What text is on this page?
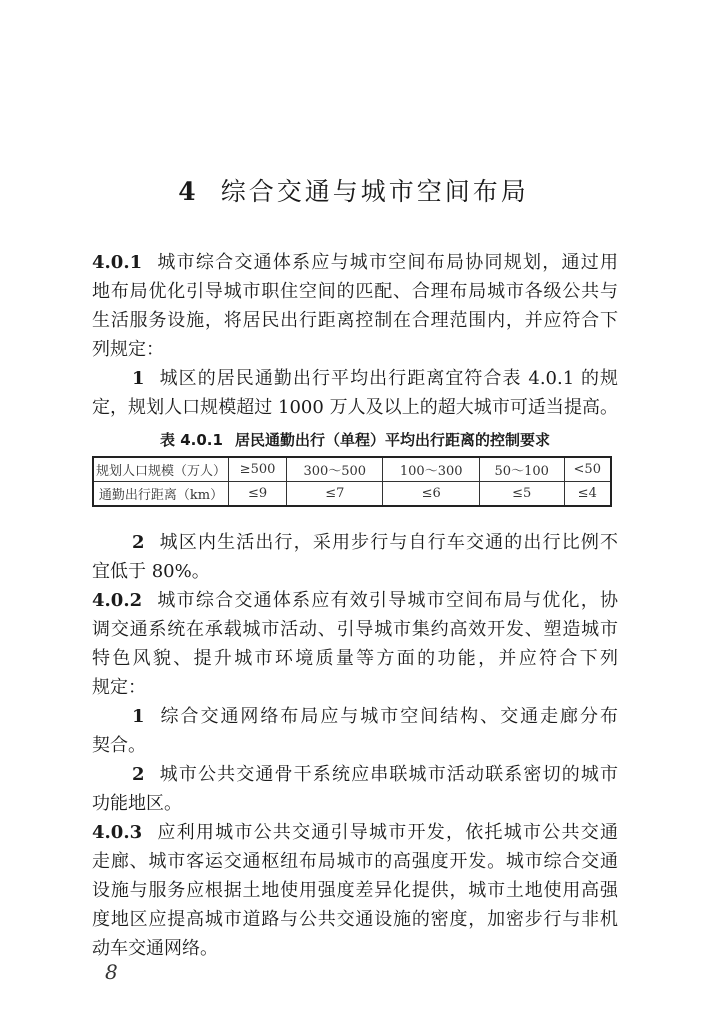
4 综合交通与城市空间布局
4.0.1 城市综合交通体系应与城市空间布局协同规划，通过用
地布局优化引导城市职住空间的匹配、合理布局城市各级公共与
生活服务设施，将居民出行距离控制在合理范围内，并应符合下
列规定：
1 城区的居民通勤出行平均出行距离宜符合表 4.0.1 的规
定，规划人口规模超过 1000 万人及以上的超大城市可适当提高。
表 4.0.1 居民通勤出行（单程）平均出行距离的控制要求
规划人口规模（万人）	≥500	300～500	100～300	50～100	<50
通勤出行距离（km）	≤9	≤7	≤6	≤5	≤4
2 城区内生活出行，采用步行与自行车交通的出行比例不
宜低于 80%。
4.0.2 城市综合交通体系应有效引导城市空间布局与优化，协
调交通系统在承载城市活动、引导城市集约高效开发、塑造城市
特色风貌、提升城市环境质量等方面的功能，并应符合下列
规定：
1 综合交通网络布局应与城市空间结构、交通走廊分布
契合。
2 城市公共交通骨干系统应串联城市活动联系密切的城市
功能地区。
4.0.3 应利用城市公共交通引导城市开发，依托城市公共交通
走廊、城市客运交通枢纽布局城市的高强度开发。城市综合交通
设施与服务应根据土地使用强度差异化提供，城市土地使用高强
度地区应提高城市道路与公共交通设施的密度，加密步行与非机
动车交通网络。
8
